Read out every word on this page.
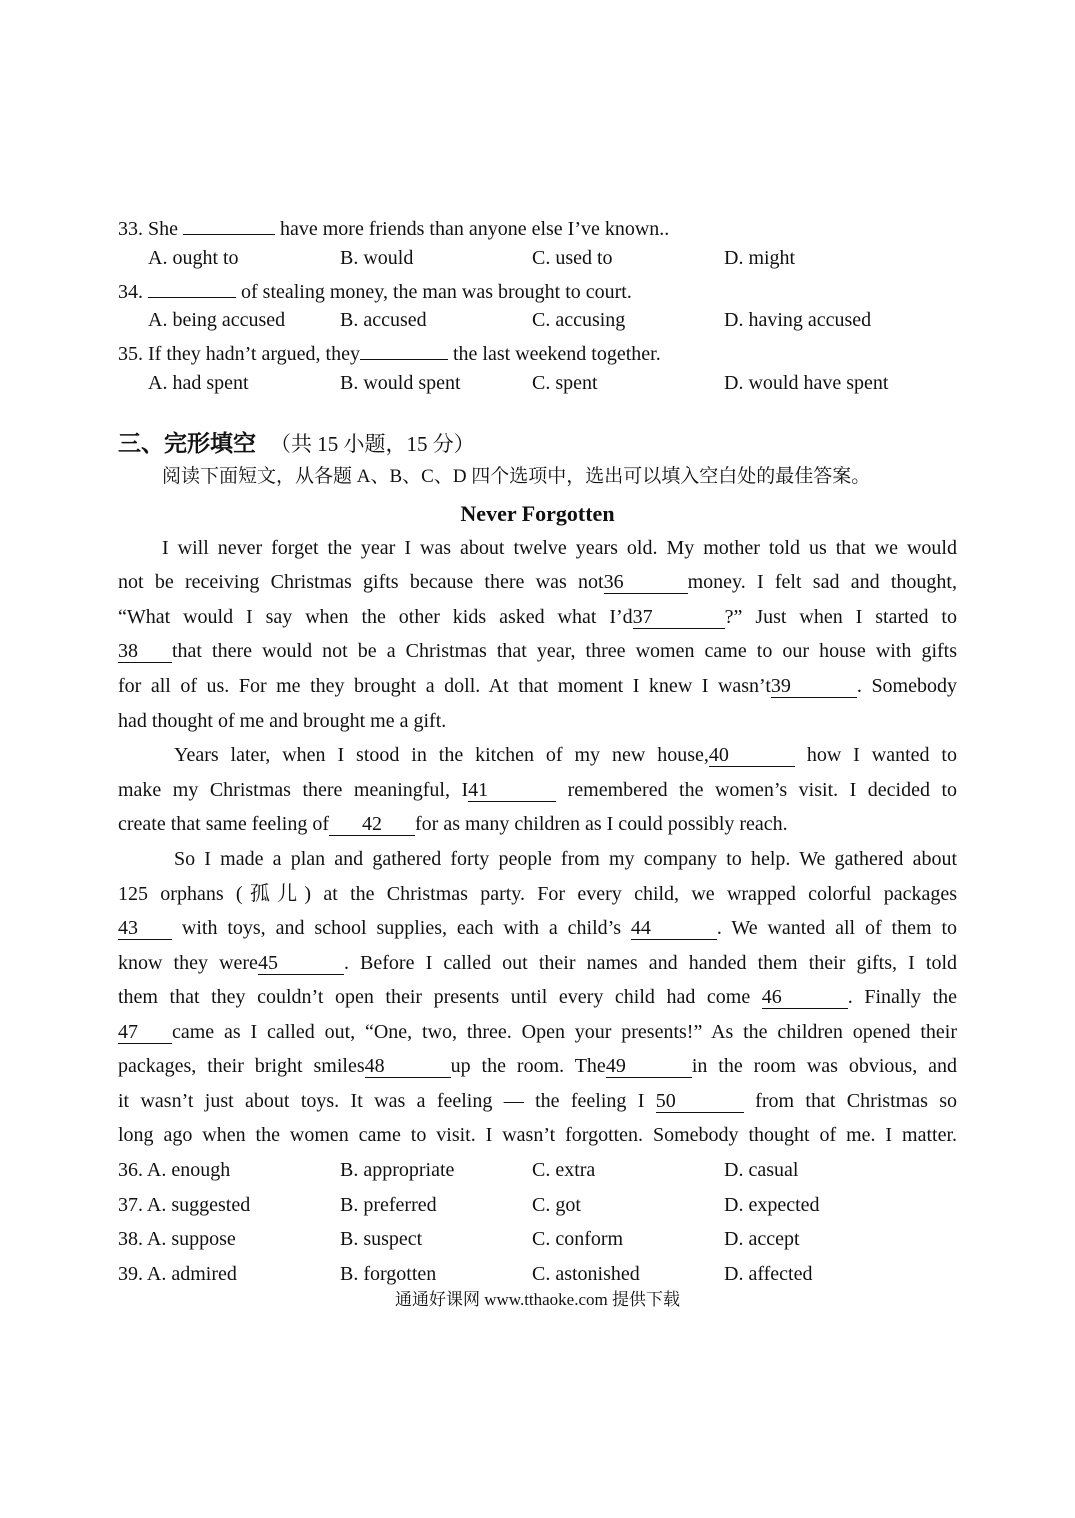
33. She	have more friends than anyone else I’ve known..
A. ought to	B. would	C. used to	D. might
34.	of stealing money, the man was brought to court.
A. being accused	B. accused	C. accusing	D. having accused
35. If they hadn’t argued, they	the last weekend together.
A. had spent	B. would spent	C. spent	D. would have spent
三、完形填空 （共 15 小题，15 分）
阅读下面短文，从各题 A、B、C、D 四个选项中，选出可以填入空白处的最佳答案。
Never Forgotten
I will never forget the year I was about twelve years old. My mother told us that we would
not be receiving Christmas gifts because there was not36	money. I felt sad and thought,
“What would I say when the other kids asked what I’d37	?” Just when I started to
38 that there would not be a Christmas that year, three women came to our house with gifts
for all of us. For me they brought a doll. At that moment I knew I wasn’t39	. Somebody
had thought of me and brought me a gift.
Years later, when I stood in the kitchen of my new house,40	how I wanted to
make my Christmas there meaningful, I41	remembered the women’s visit. I decided to
create that same feeling of 42 for as many children as I could possibly reach.
So I made a plan and gathered forty people from my company to help. We gathered about
125 orphans (孤儿) at the Christmas party. For every child, we wrapped colorful packages
43 with toys, and school supplies, each with a child’s 44	. We wanted all of them to
know they were45	. Before I called out their names and handed them their gifts, I told
them that they couldn’t open their presents until every child had come 46	. Finally the
47 came as I called out, “One, two, three. Open your presents!” As the children opened their
packages, their bright smiles48	up the room. The49	in the room was obvious, and
it wasn’t just about toys. It was a feeling — the feeling I 50	from that Christmas so
long ago when the women came to visit. I wasn’t forgotten. Somebody thought of me. I matter.
36. A. enough	B. appropriate	C. extra	D. casual
37. A. suggested	B. preferred	C. got	D. expected
38. A. suppose	B. suspect	C. conform	D. accept
39. A. admired	B. forgotten	C. astonished	D. affected
通通好课网 www.tthaoke.com 提供下载
